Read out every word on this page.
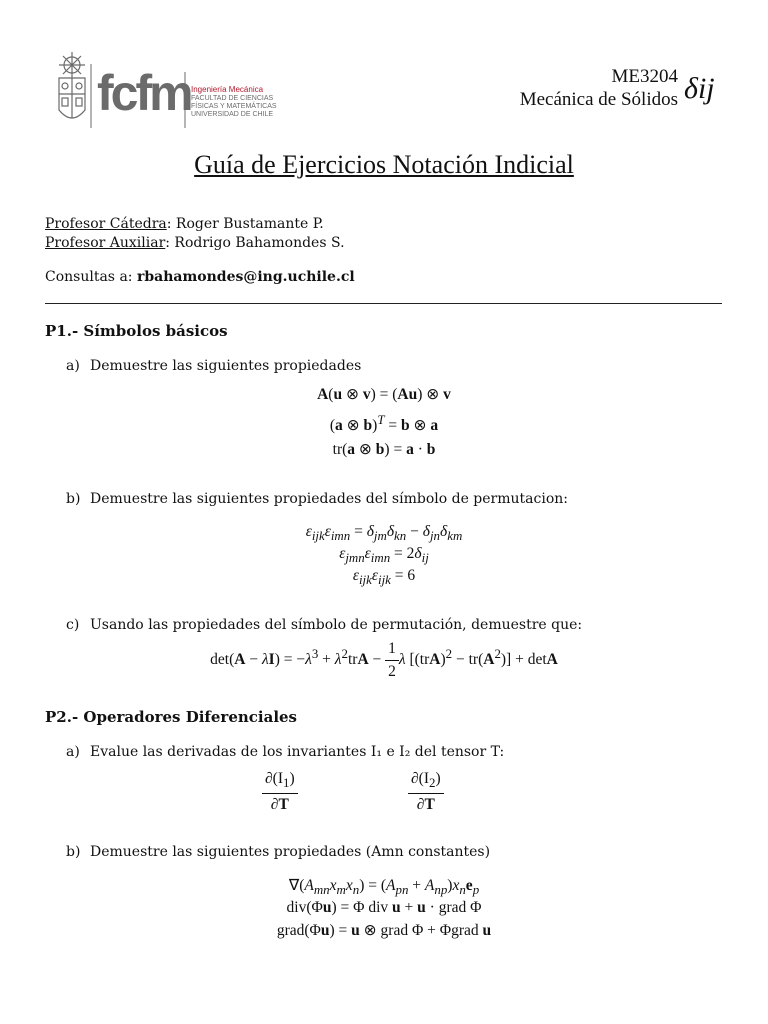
fcfm Ingeniería Mecánica
FACULTAD DE CIENCIAS
FÍSICAS Y MATEMÁTICAS
UNIVERSIDAD DE CHILE
ME3204
Mecánica de Sólidos δij
Guía de Ejercicios Notación Indicial
Profesor Cátedra: Roger Bustamante P.
Profesor Auxiliar: Rodrigo Bahamondes S.
Consultas a: rbahamondes@ing.uchile.cl
P1.- Símbolos básicos
a) Demuestre las siguientes propiedades
A(u ⊗ v) = (Au) ⊗ v
(a ⊗ b)$^T$ = b ⊗ a
tr(a ⊗ b) = a · b
b) Demuestre las siguientes propiedades del símbolo de permutacion:
$\varepsilon_{ijk}\varepsilon_{imn} = \delta_{jm}\delta_{kn} - \delta_{jn}\delta_{km}$
$\varepsilon_{jmn}\varepsilon_{imn} = 2\delta_{ij}$
$\varepsilon_{ijk}\varepsilon_{ijk} = 6$
c) Usando las propiedades del símbolo de permutación, demuestre que:
$\det(A - \lambda I) = -\lambda^3 + \lambda^2trA - \frac{1}{2}$ λ $[(trA)^2 - tr(A^2)] + \det A$
P2.- Operadores Diferenciales
a) Evalue las derivadas de los invariantes I₁ e I₂ del tensor T:
$\frac{\partial(I_1)}{\partial T}$	$\frac{\partial(I_2)}{\partial T}$
b) Demuestre las siguientes propiedades (Amn constantes)
$\nabla(A_{mn}x_mx_n) = (A_{pn} + A_{np})x_ne_p$
div(Φu) = Φ div u + u · grad Φ
grad(Φu) = u ⊗ grad Φ + Φgrad u
